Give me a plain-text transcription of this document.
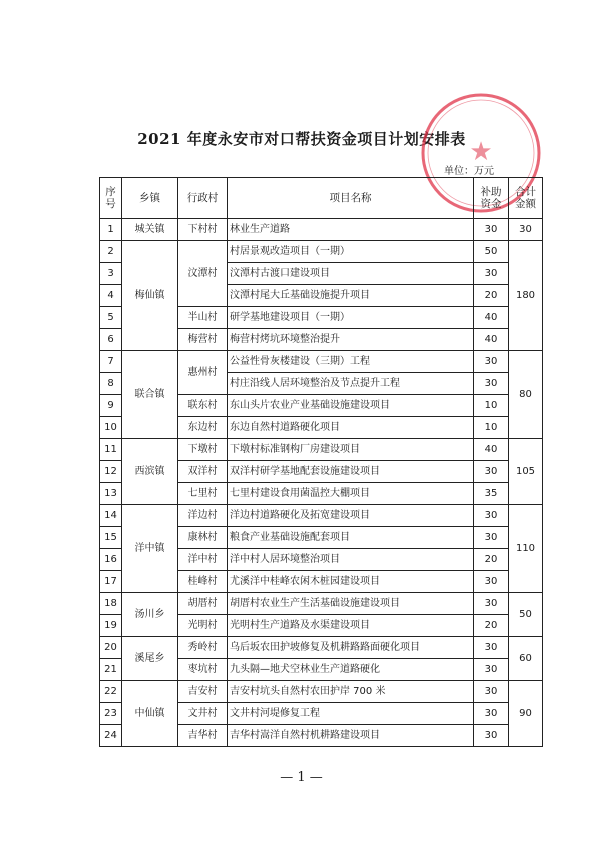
2021 年度永安市对口帮扶资金项目计划安排表 ★
单位：万元
序号	乡镇	行政村	项目名称	补助资金	合计金额
1	城关镇	下村村	林业生产道路	30	30
2	梅仙镇	汶潭村	村居景观改造项目（一期）	50	180
3			汶潭村古渡口建设项目	30	
4			汶潭村尾大丘基础设施提升项目	20	
5		半山村	研学基地建设项目（一期）	40	
6		梅营村	梅营村烤坑环境整治提升	40	
7	联合镇	惠州村	公益性骨灰楼建设（三期）工程	30	80
8			村庄沿线人居环境整治及节点提升工程	30	
9		联东村	东山头片农业产业基础设施建设项目	10	
10		东边村	东边自然村道路硬化项目	10	
11	西滨镇	下墩村	下墩村标准钢构厂房建设项目	40	105
12		双洋村	双洋村研学基地配套设施建设项目	30	
13		七里村	七里村建设食用菌温控大棚项目	35	
14	洋中镇	洋边村	洋边村道路硬化及拓宽建设项目	30	110
15		康林村	粮食产业基础设施配套项目	30	
16		洋中村	洋中村人居环境整治项目	20	
17		桂峰村	尤溪洋中桂峰农闲木桩园建设项目	30	
18	汤川乡	胡厝村	胡厝村农业生产生活基础设施建设项目	30	50
19		光明村	光明村生产道路及水渠建设项目	20	
20	溪尾乡	秀岭村	乌后坂农田护坡修复及机耕路路面硬化项目	30	60
21		枣坑村	九头隔—地犬空林业生产道路硬化	30	
22	中仙镇	吉安村	吉安村坑头自然村农田护岸 700 米	30	90
23		文井村	文井村河堤修复工程	30	
24		吉华村	吉华村嵩洋自然村机耕路建设项目	30	
— 1 —
